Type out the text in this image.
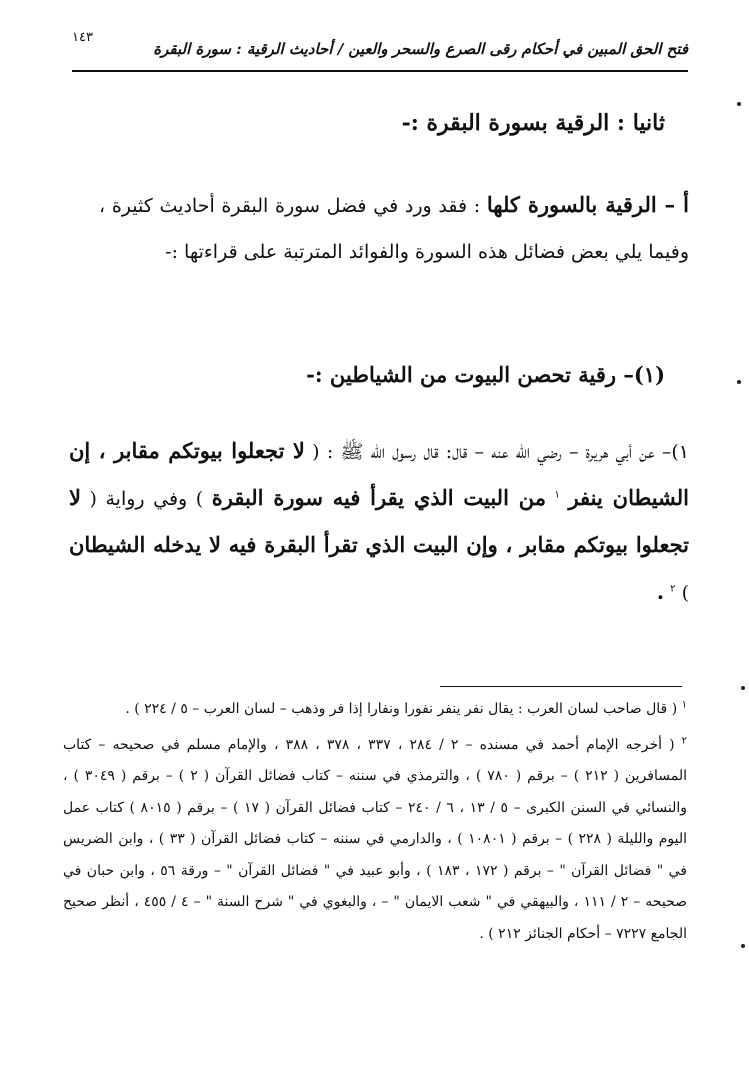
فتح الحق المبين في أحكام رقى الصرع والسحر والعين / أحاديث الرقية : سورة البقرة
١٤٣
ثانيا : الرقية بسورة البقرة :-
أ – الرقية بالسورة كلها : فقد ورد في فضل سورة البقرة أحاديث كثيرة ، وفيما يلي بعض فضائل هذه السورة والفوائد المترتبة على قراءتها :-
(١)– رقية تحصن البيوت من الشياطين :-
١)– عن أبي هريرة – رضي الله عنه – قال: قال رسول الله ﷺ : ( لا تجعلوا بيوتكم مقابر ، إن الشيطان ينفر $^١$ من البيت الذي يقرأ فيه سورة البقرة ) وفي رواية ( لا تجعلوا بيوتكم مقابر ، وإن البيت الذي تقرأ البقرة فيه لا يدخله الشيطان ) $^٢$ .

$^١$ ( قال صاحب لسان العرب : يقال نفر ينفر نفورا ونفارا إذا فر وذهب – لسان العرب – ٥ / ٢٢٤ ) .

$^٢$ ( أخرجه الإمام أحمد في مسنده – ٢ / ٢٨٤ ، ٣٣٧ ، ٣٧٨ ، ٣٨٨ ، والإمام مسلم في صحيحه – كتاب المسافرين ( ٢١٢ ) – برقم ( ٧٨٠ ) ، والترمذي في سننه – كتاب فضائل القرآن ( ٢ ) – برقم ( ٣٠٤٩ ) ، والنسائي في السنن الكبرى – ٥ / ١٣ ، ٦ / ٢٤٠ – كتاب فضائل القرآن ( ١٧ ) – برقم ( ٨٠١٥ ) كتاب عمل اليوم والليلة ( ٢٢٨ ) – برقم ( ١٠٨٠١ ) ، والدارمي في سننه – كتاب فضائل القرآن ( ٣٣ ) ، وابن الضريس في " فضائل القرآن " – برقم ( ١٧٢ ، ١٨٣ ) ، وأبو عبيد في " فضائل القرآن " – ورقة ٥٦ ، وابن حبان في صحيحه – ٢ / ١١١ ، والبيهقي في " شعب الايمان " – ، والبغوي في " شرح السنة " – ٤ / ٤٥٥ ، أنظر صحيح الجامع ٧٢٢٧ – أحكام الجنائز ٢١٢ ) .
